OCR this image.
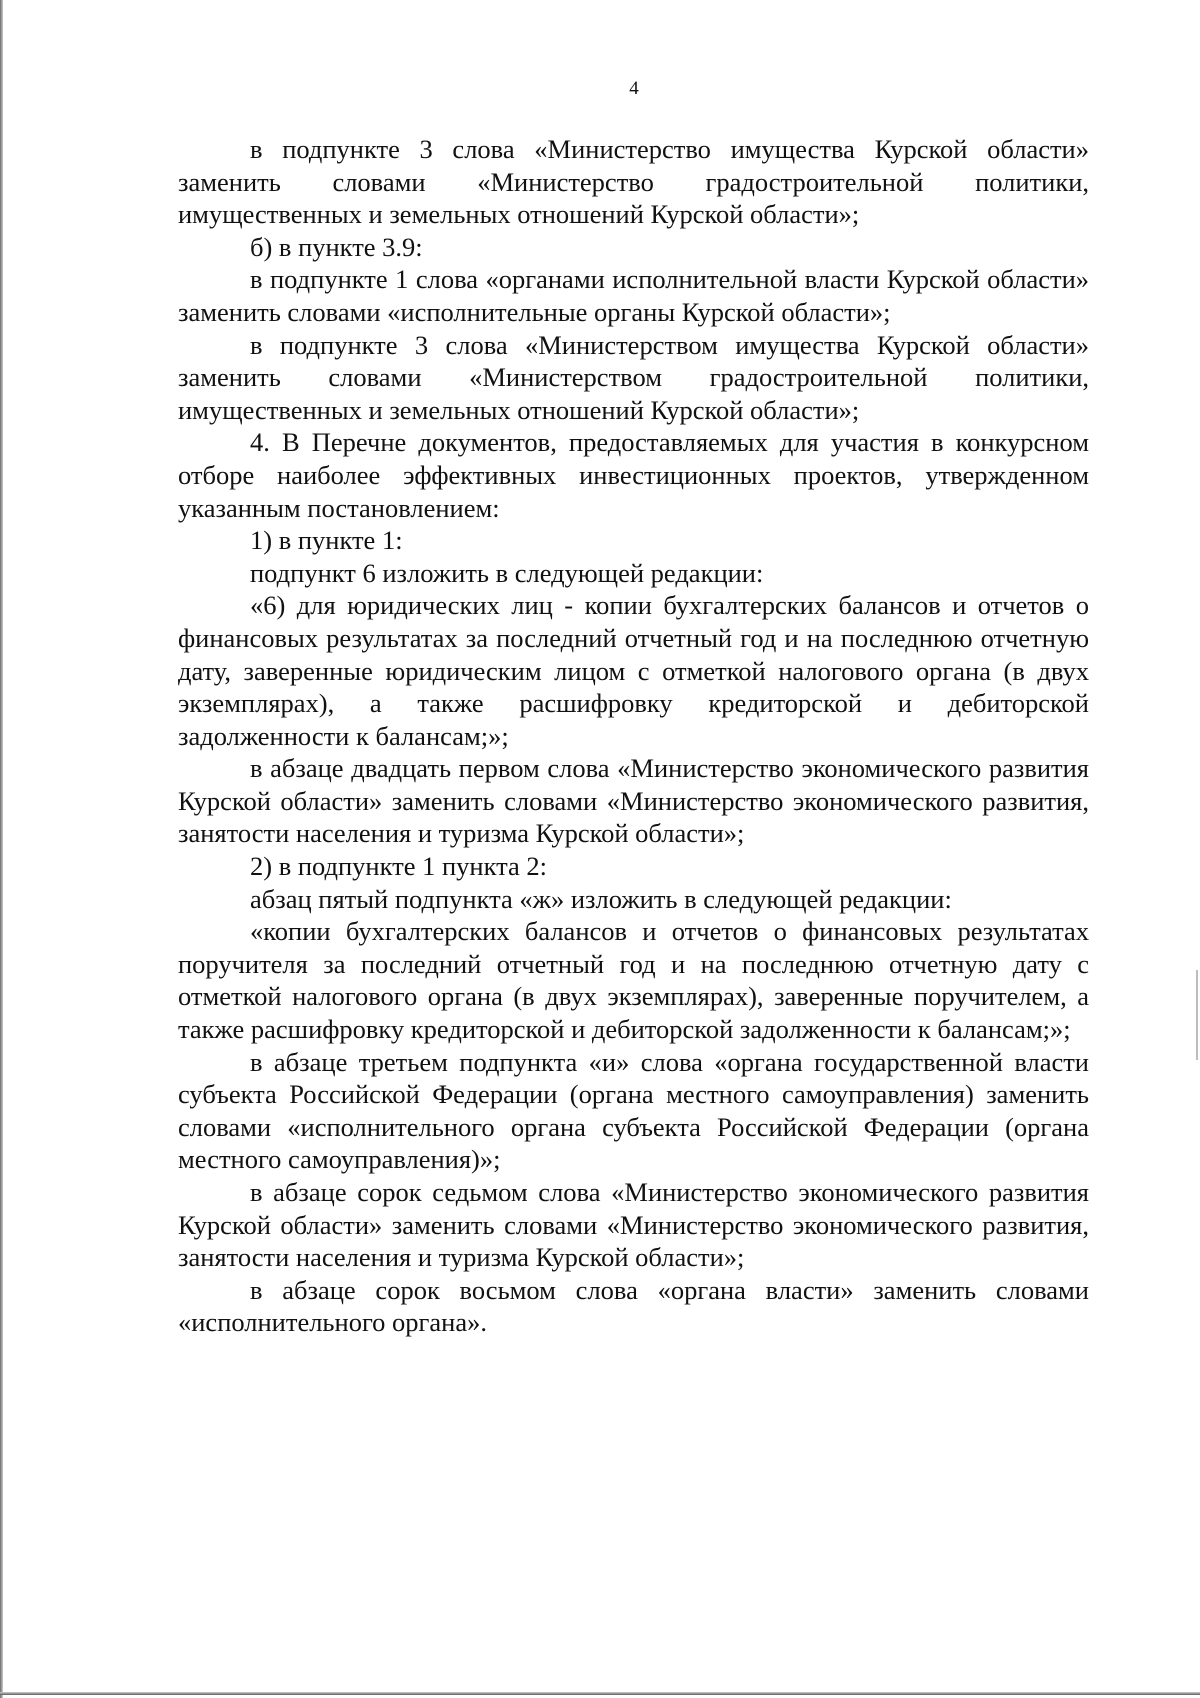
4

в подпункте 3 слова «Министерство имущества Курской области» заменить словами «Министерство градостроительной политики, имущественных и земельных отношений Курской области»;

б) в пункте 3.9:

в подпункте 1 слова «органами исполнительной власти Курской области» заменить словами «исполнительные органы Курской области»;

в подпункте 3 слова «Министерством имущества Курской области» заменить словами «Министерством градостроительной политики, имущественных и земельных отношений Курской области»;

4. В Перечне документов, предоставляемых для участия в конкурсном отборе наиболее эффективных инвестиционных проектов, утвержденном указанным постановлением:

1) в пункте 1:

подпункт 6 изложить в следующей редакции:

«6) для юридических лиц - копии бухгалтерских балансов и отчетов о финансовых результатах за последний отчетный год и на последнюю отчетную дату, заверенные юридическим лицом с отметкой налогового органа (в двух экземплярах), а также расшифровку кредиторской и дебиторской задолженности к балансам;»;

в абзаце двадцать первом слова «Министерство экономического развития Курской области» заменить словами «Министерство экономического развития, занятости населения и туризма Курской области»;

2) в подпункте 1 пункта 2:

абзац пятый подпункта «ж» изложить в следующей редакции:

«копии бухгалтерских балансов и отчетов о финансовых результатах поручителя за последний отчетный год и на последнюю отчетную дату с отметкой налогового органа (в двух экземплярах), заверенные поручителем, а также расшифровку кредиторской и дебиторской задолженности к балансам;»;

в абзаце третьем подпункта «и» слова «органа государственной власти субъекта Российской Федерации (органа местного самоуправления) заменить словами «исполнительного органа субъекта Российской Федерации (органа местного самоуправления)»;

в абзаце сорок седьмом слова «Министерство экономического развития Курской области» заменить словами «Министерство экономического развития, занятости населения и туризма Курской области»;

в абзаце сорок восьмом слова «органа власти» заменить словами «исполнительного органа».
